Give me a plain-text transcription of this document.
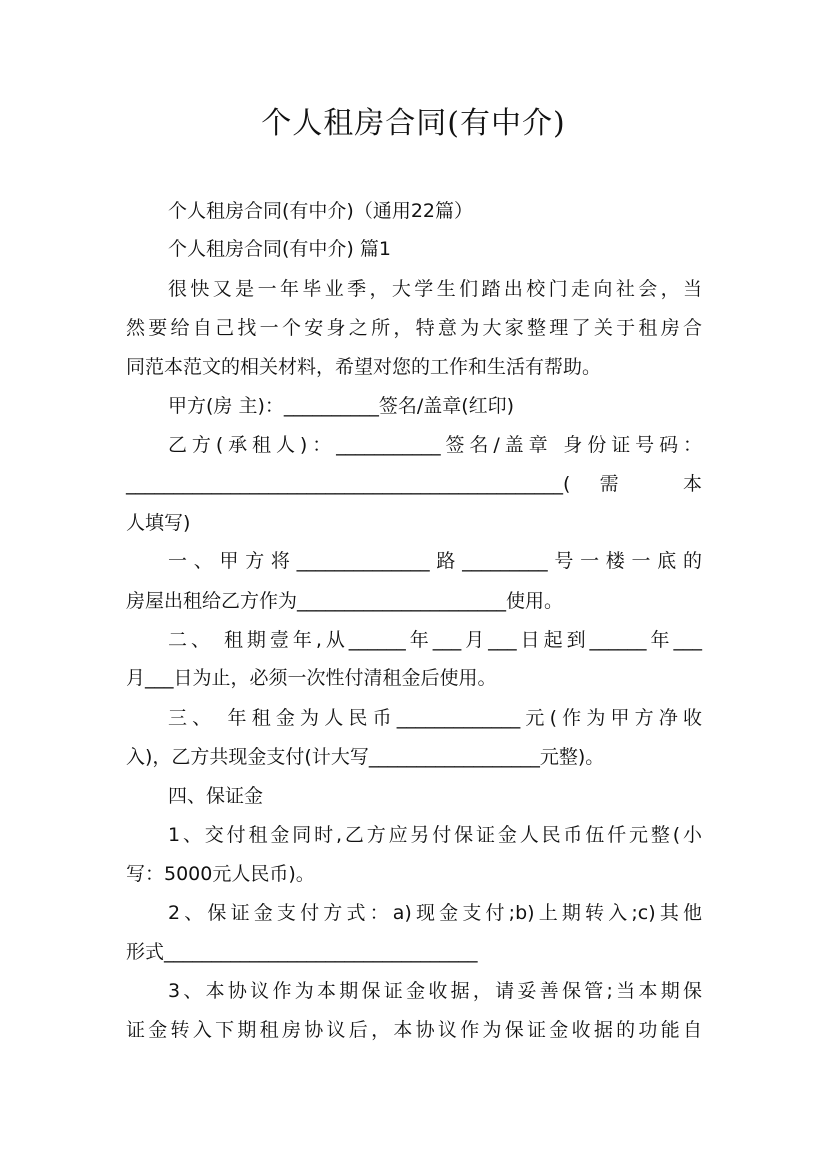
个人租房合同(有中介)
个人租房合同(有中介)（通用22篇）
个人租房合同(有中介) 篇1
很快又是一年毕业季，大学生们踏出校门走向社会，当
然要给自己找一个安身之所，特意为大家整理了关于租房合
同范本范文的相关材料，希望对您的工作和生活有帮助。
甲方(房 主)：__________签名/盖章(红印)
乙方(承租人)：___________签名/盖章 身份证号码：
______________________________________________(需 本
人填写)
一、甲方将______________路_________号一楼一底的
房屋出租给乙方作为______________________使用。
二、 租期壹年,从______年___月___日起到______年___
月___日为止，必须一次性付清租金后使用。
三、 年租金为人民币_____________元(作为甲方净收
入)，乙方共现金支付(计大写__________________元整)。
四、保证金
1、交付租金同时,乙方应另付保证金人民币伍仟元整(小
写：5000元人民币)。
2、保证金支付方式：a)现金支付;b)上期转入;c)其他
形式_________________________________
3、本协议作为本期保证金收据，请妥善保管;当本期保
证金转入下期租房协议后，本协议作为保证金收据的功能自
